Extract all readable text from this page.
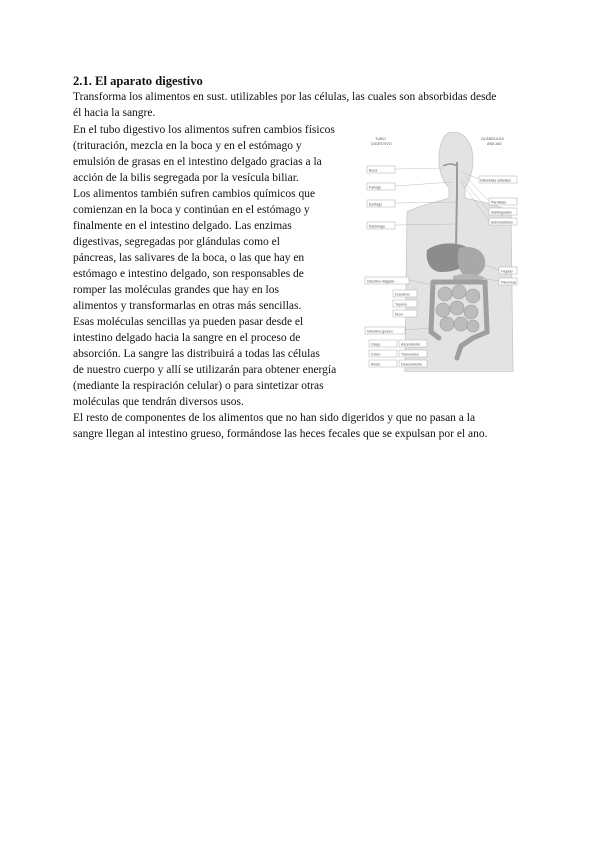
2.1. El aparato digestivo
Transforma los alimentos en sust. utilizables por las células, las cuales son absorbidas desde
él hacia la sangre.
En el tubo digestivo los alimentos sufren cambios físicos
(trituración, mezcla en la boca y en el estómago y
emulsión de grasas en el intestino delgado gracias a la
acción de la bilis segregada por la vesícula biliar.
Los alimentos también sufren cambios químicos que
comienzan en la boca y continúan en el estómago y
finalmente en el intestino delgado. Las enzimas
digestivas, segregadas por glándulas como el
páncreas, las salivares de la boca, o las que hay en
estómago e intestino delgado, son responsables de
romper las moléculas grandes que hay en los
alimentos y transformarlas en otras más sencillas.
Esas moléculas sencillas ya pueden pasar desde el
intestino delgado hacia la sangre en el proceso de
absorción. La sangre las distribuirá a todas las células
de nuestro cuerpo y allí se utilizarán para obtener energía
(mediante la respiración celular) o para sintetizar otras
moléculas que tendrán diversos usos.
El resto de componentes de los alimentos que no han sido digeridos y que no pasan a la
sangre llegan al intestino grueso, formándose las heces fecales que se expulsan por el ano.
TUBO
DIGESTIVO
GLÁNDULAS
ANEJAS
Boca
Faringe
Esófago
Estómago
Intestino delgado
Duodeno
Yeyuno
Íleon
Intestino grueso
Ciego
Colon
Recto
Glándulas salivales
Parótidas
Sublinguales
Submaxilares
Hígado
Páncreas
Ascendente
Transverso
Descendente
